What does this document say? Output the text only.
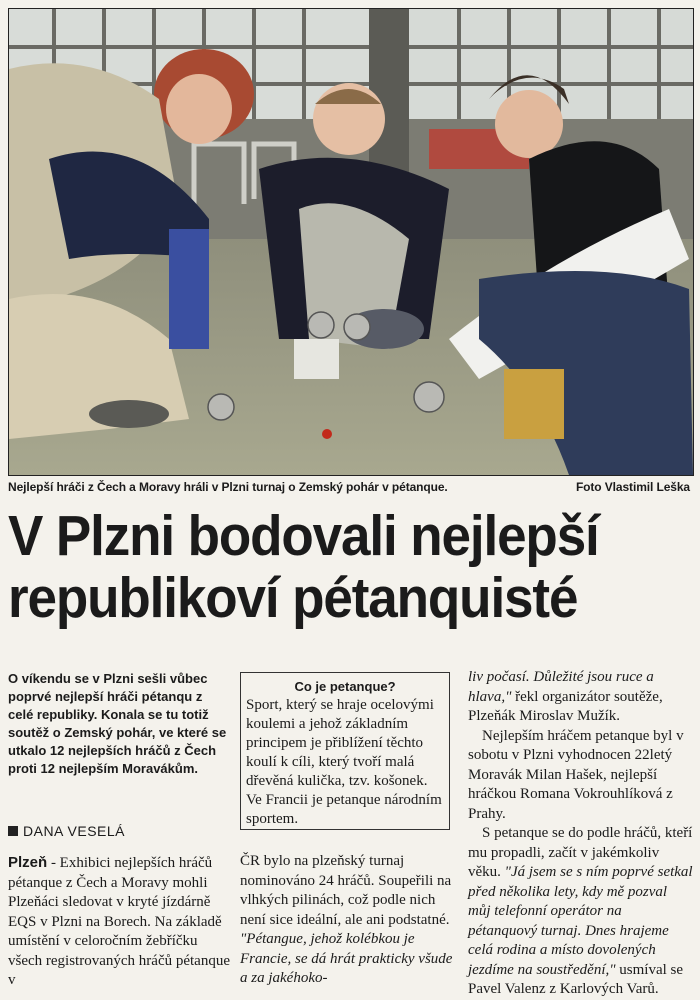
Nejlepší hráči z Čech a Moravy hráli v Plzni turnaj o Zemský pohár v pétanque.	Foto Vlastimil Leška
V Plzni bodovali nejlepší
republikoví pétanquisté
O víkendu se v Plzni sešli vůbec poprvé nejlepší hráči pétanqu z celé republiky. Konala se tu totiž soutěž o Zemský pohár, ve které se utkalo 12 nejlepších hráčů z Čech proti 12 nejlepším Moravákům.
DANA VESELÁ
Plzeň - Exhibici nejlepších hráčů pétanque z Čech a Moravy mohli Plzeňáci sledovat v kryté jízdárně EQS v Plzni na Borech. Na základě umístění v celoročním žebříčku všech registrovaných hráčů pétanque v
Co je petanque?
Sport, který se hraje ocelovými koulemi a jehož základním principem je přiblížení těchto koulí k cíli, který tvoří malá dřevěná kulička, tzv. košonek. Ve Francii je petanque národním sportem.
ČR bylo na plzeňský turnaj nominováno 24 hráčů. Soupeřili na vlhkých pilinách, což podle nich není sice ideální, ale ani podstatné. "Pétangue, jehož kolébkou je Francie, se dá hrát prakticky všude a za jakéhoko-
liv počasí. Důležité jsou ruce a hlava," řekl organizátor soutěže, Plzeňák Miroslav Mužík.
Nejlepším hráčem petanque byl v sobotu v Plzni vyhodnocen 22letý Moravák Milan Hašek, nejlepší hráčkou Romana Vokrouhlíková z Prahy.
S petanque se do podle hráčů, kteří mu propadli, začít v jakémkoliv věku. "Já jsem se s ním poprvé setkal před několika lety, kdy mě pozval můj telefonní operátor na pétanquový turnaj. Dnes hrajeme celá rodina a místo dovolených jezdíme na soustředění," usmíval se Pavel Valenz z Karlových Varů.
